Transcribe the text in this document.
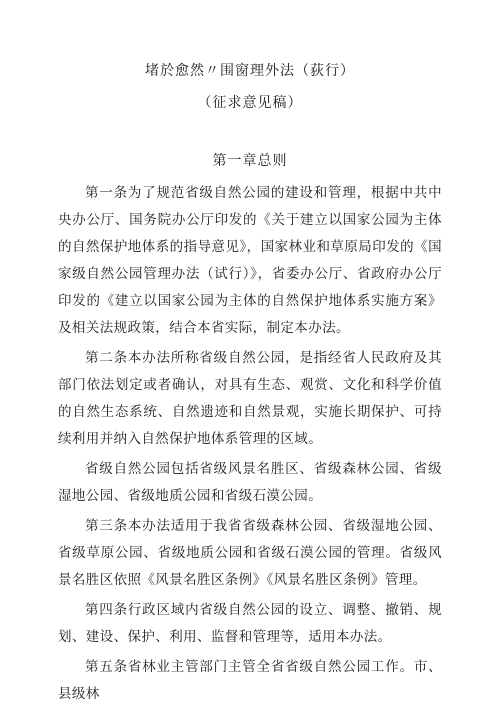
堵於愈然〃围窗理外法（荻行）
（征求意见稿）
第一章总则

第一条为了规范省级自然公园的建设和管理，根据中共中央办公厅、国务院办公厅印发的《关于建立以国家公园为主体的自然保护地体系的指导意见》，国家林业和草原局印发的《国家级自然公园管理办法（试行）》，省委办公厅、省政府办公厅印发的《建立以国家公园为主体的自然保护地体系实施方案》及相关法规政策，结合本省实际，制定本办法。

第二条本办法所称省级自然公园，是指经省人民政府及其部门依法划定或者确认，对具有生态、观赏、文化和科学价值的自然生态系统、自然遗迹和自然景观，实施长期保护、可持续利用并纳入自然保护地体系管理的区域。

省级自然公园包括省级风景名胜区、省级森林公园、省级湿地公园、省级地质公园和省级石漠公园。

第三条本办法适用于我省省级森林公园、省级湿地公园、省级草原公园、省级地质公园和省级石漠公园的管理。省级风景名胜区依照《风景名胜区条例》《风景名胜区条例》管理。

第四条行政区域内省级自然公园的设立、调整、撤销、规划、建设、保护、利用、监督和管理等，适用本办法。

第五条省林业主管部门主管全省省级自然公园工作。市、县级林
